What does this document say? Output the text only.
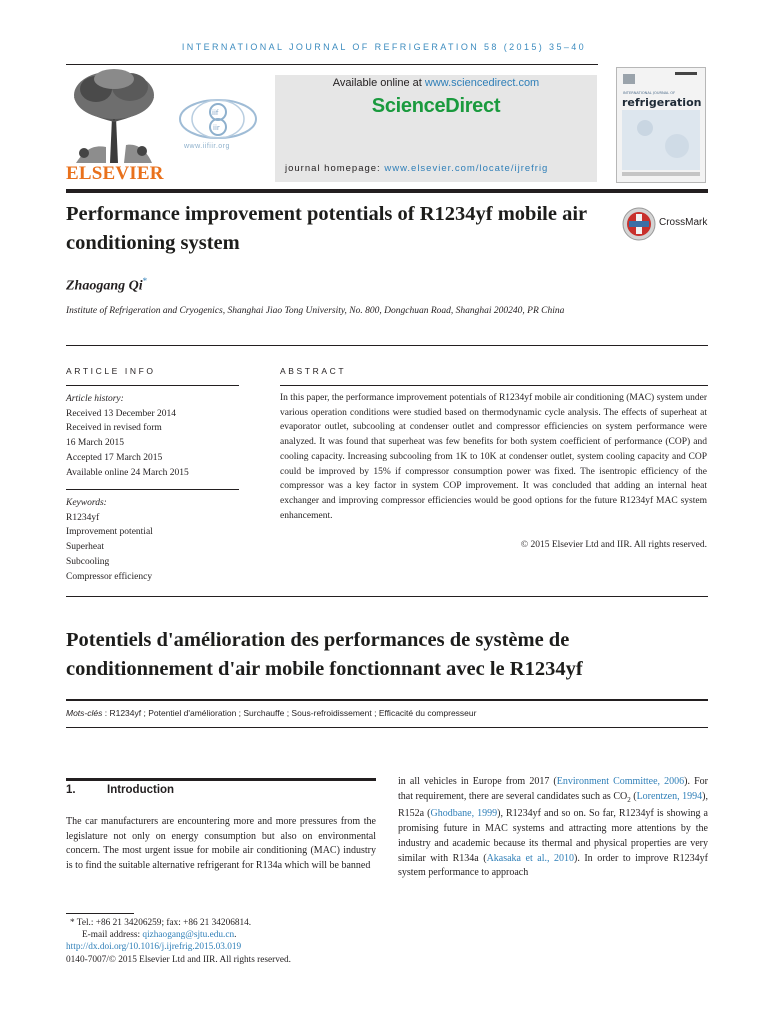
INTERNATIONAL JOURNAL OF REFRIGERATION 58 (2015) 35–40
ELSEVIER
iif
iir
www.iifiir.org
Available online at www.sciencedirect.com
ScienceDirect
journal homepage: www.elsevier.com/locate/ijrefrig
INTERNATIONAL JOURNAL OF
refrigeration
Performance improvement potentials of R1234yf mobile air conditioning system
CrossMark
Zhaogang Qi*
Institute of Refrigeration and Cryogenics, Shanghai Jiao Tong University, No. 800, Dongchuan Road, Shanghai 200240, PR China
ARTICLE INFO
Article history:
Received 13 December 2014
Received in revised form
16 March 2015
Accepted 17 March 2015
Available online 24 March 2015
Keywords:
R1234yf
Improvement potential
Superheat
Subcooling
Compressor efficiency
ABSTRACT
In this paper, the performance improvement potentials of R1234yf mobile air conditioning (MAC) system under various operation conditions were studied based on thermodynamic cycle analysis. The effects of superheat at evaporator outlet, subcooling at condenser outlet and compressor efficiencies on system performance were analyzed. It was found that superheat was few benefits for both system coefficient of performance (COP) and cooling capacity. Increasing subcooling from 1K to 10K at condenser outlet, system cooling capacity and COP could be improved by 15% if compressor consumption power was fixed. The isentropic efficiency of the compressor was a key factor in system COP improvement. It was concluded that adding an internal heat exchanger and improving compressor efficiencies would be good options for the future R1234yf MAC system enhancement.
© 2015 Elsevier Ltd and IIR. All rights reserved.
Potentiels d'amélioration des performances de système de conditionnement d'air mobile fonctionnant avec le R1234yf
Mots-clés : R1234yf ; Potentiel d'amélioration ; Surchauffe ; Sous-refroidissement ; Efficacité du compresseur
1.	Introduction
The car manufacturers are encountering more and more pressures from the legislature not only on energy consumption but also on environmental concern. The most urgent issue for mobile air conditioning (MAC) industry is to find the suitable alternative refrigerant for R134a which will be banned
in all vehicles in Europe from 2017 (Environment Committee, 2006). For that requirement, there are several candidates such as $CO_2$ (Lorentzen, 1994), R152a (Ghodbane, 1999), R1234yf and so on. So far, R1234yf is showing a promising future in MAC systems and attracting more attentions by the industry and academic because its thermal and physical properties are very similar with R134a (Akasaka et al., 2010). In order to improve R1234yf system performance to approach
* Tel.: +86 21 34206259; fax: +86 21 34206814.
E-mail address: qizhaogang@sjtu.edu.cn.
http://dx.doi.org/10.1016/j.ijrefrig.2015.03.019
0140-7007/© 2015 Elsevier Ltd and IIR. All rights reserved.
